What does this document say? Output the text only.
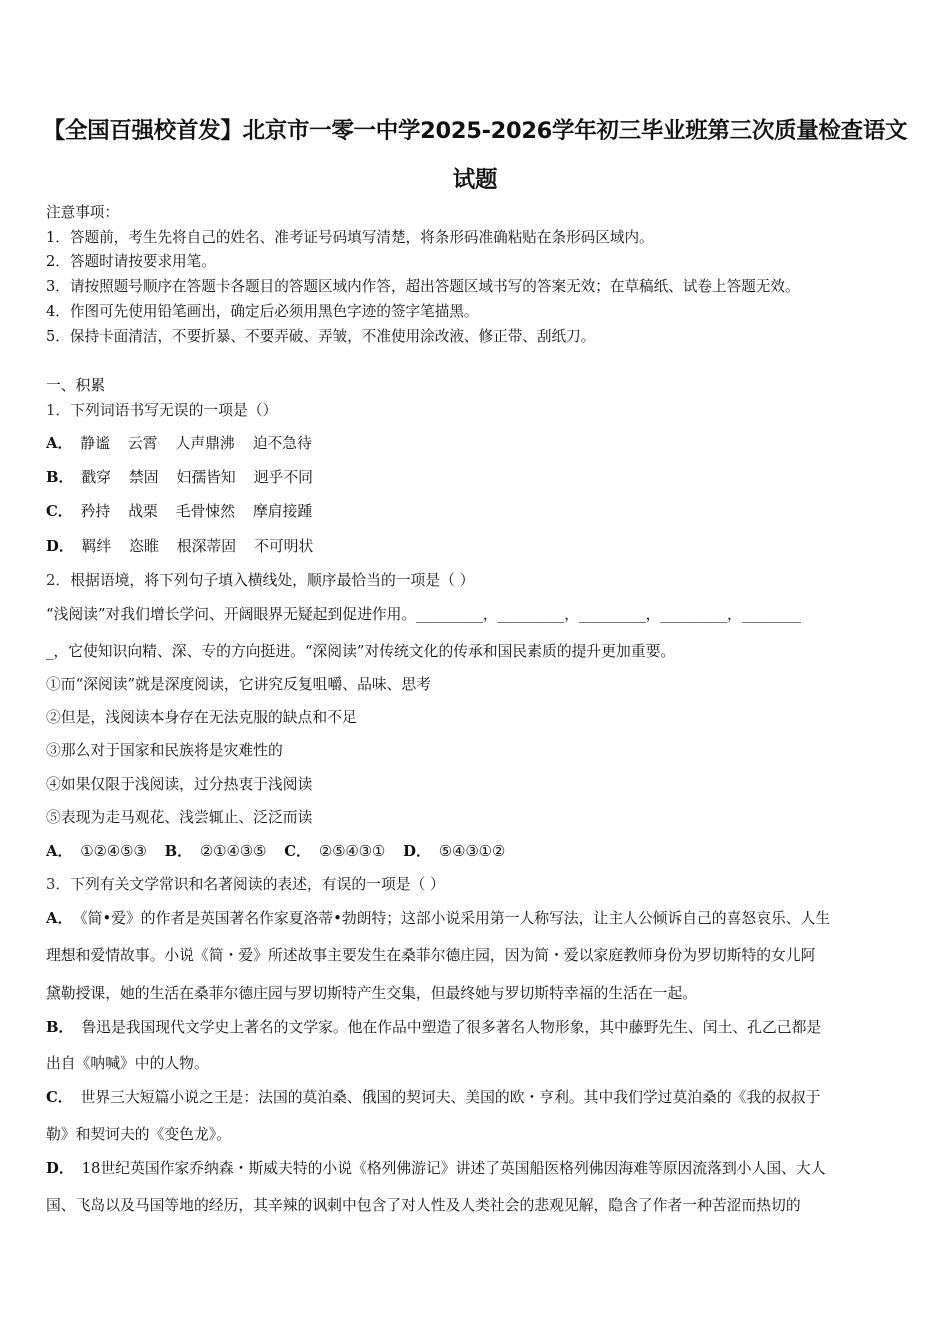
【全国百强校首发】北京市一零一中学2025-2026学年初三毕业班第三次质量检查语文
试题
注意事项：
1．答题前，考生先将自己的姓名、准考证号码填写清楚，将条形码准确粘贴在条形码区域内。
2．答题时请按要求用笔。
3．请按照题号顺序在答题卡各题目的答题区域内作答，超出答题区域书写的答案无效；在草稿纸、试卷上答题无效。
4．作图可先使用铅笔画出，确定后必须用黑色字迹的签字笔描黑。
5．保持卡面清洁，不要折暴、不要弄破、弄皱，不准使用涂改液、修正带、刮纸刀。
一、积累
1．下列词语书写无误的一项是（）
A． 静谧 云霄 人声鼎沸 迫不急待
B． 戳穿 禁固 妇孺皆知 迥乎不同
C． 矜持 战栗 毛骨悚然 摩肩接踵
D． 羁绊 恣睢 根深蒂固 不可明状
2．根据语境，将下列句子填入横线处，顺序最恰当的一项是（ ）
“浅阅读”对我们增长学问、开阔眼界无疑起到促进作用。_________，_________，_________，_________，________
_，它使知识向精、深、专的方向挺进。“深阅读”对传统文化的传承和国民素质的提升更加重要。
①而“深阅读”就是深度阅读，它讲究反复咀嚼、品味、思考
②但是，浅阅读本身存在无法克服的缺点和不足
③那么对于国家和民族将是灾难性的
④如果仅限于浅阅读，过分热衷于浅阅读
⑤表现为走马观花、浅尝辄止、泛泛而读
A． ①②④⑤③ B． ②①④③⑤ C． ②⑤④③① D． ⑤④③①②
3．下列有关文学常识和名著阅读的表述，有误的一项是（ ）
A． 《简•爱》的作者是英国著名作家夏洛蒂•勃朗特；这部小说采用第一人称写法，让主人公倾诉自己的喜怒哀乐、人生
理想和爱情故事。小说《简・爱》所述故事主要发生在桑菲尔德庄园，因为简・爱以家庭教师身份为罗切斯特的女儿阿
黛勒授课，她的生活在桑菲尔德庄园与罗切斯特产生交集，但最终她与罗切斯特幸福的生活在一起。
B． 鲁迅是我国现代文学史上著名的文学家。他在作品中塑造了很多著名人物形象，其中藤野先生、闰土、孔乙己都是
出自《呐喊》中的人物。
C． 世界三大短篇小说之王是：法国的莫泊桑、俄国的契诃夫、美国的欧・亨利。其中我们学过莫泊桑的《我的叔叔于
勒》和契诃夫的《变色龙》。
D． 18世纪英国作家乔纳森・斯威夫特的小说《格列佛游记》讲述了英国船医格列佛因海难等原因流落到小人国、大人
国、飞岛以及马国等地的经历，其辛辣的讽刺中包含了对人性及人类社会的悲观见解，隐含了作者一种苦涩而热切的
